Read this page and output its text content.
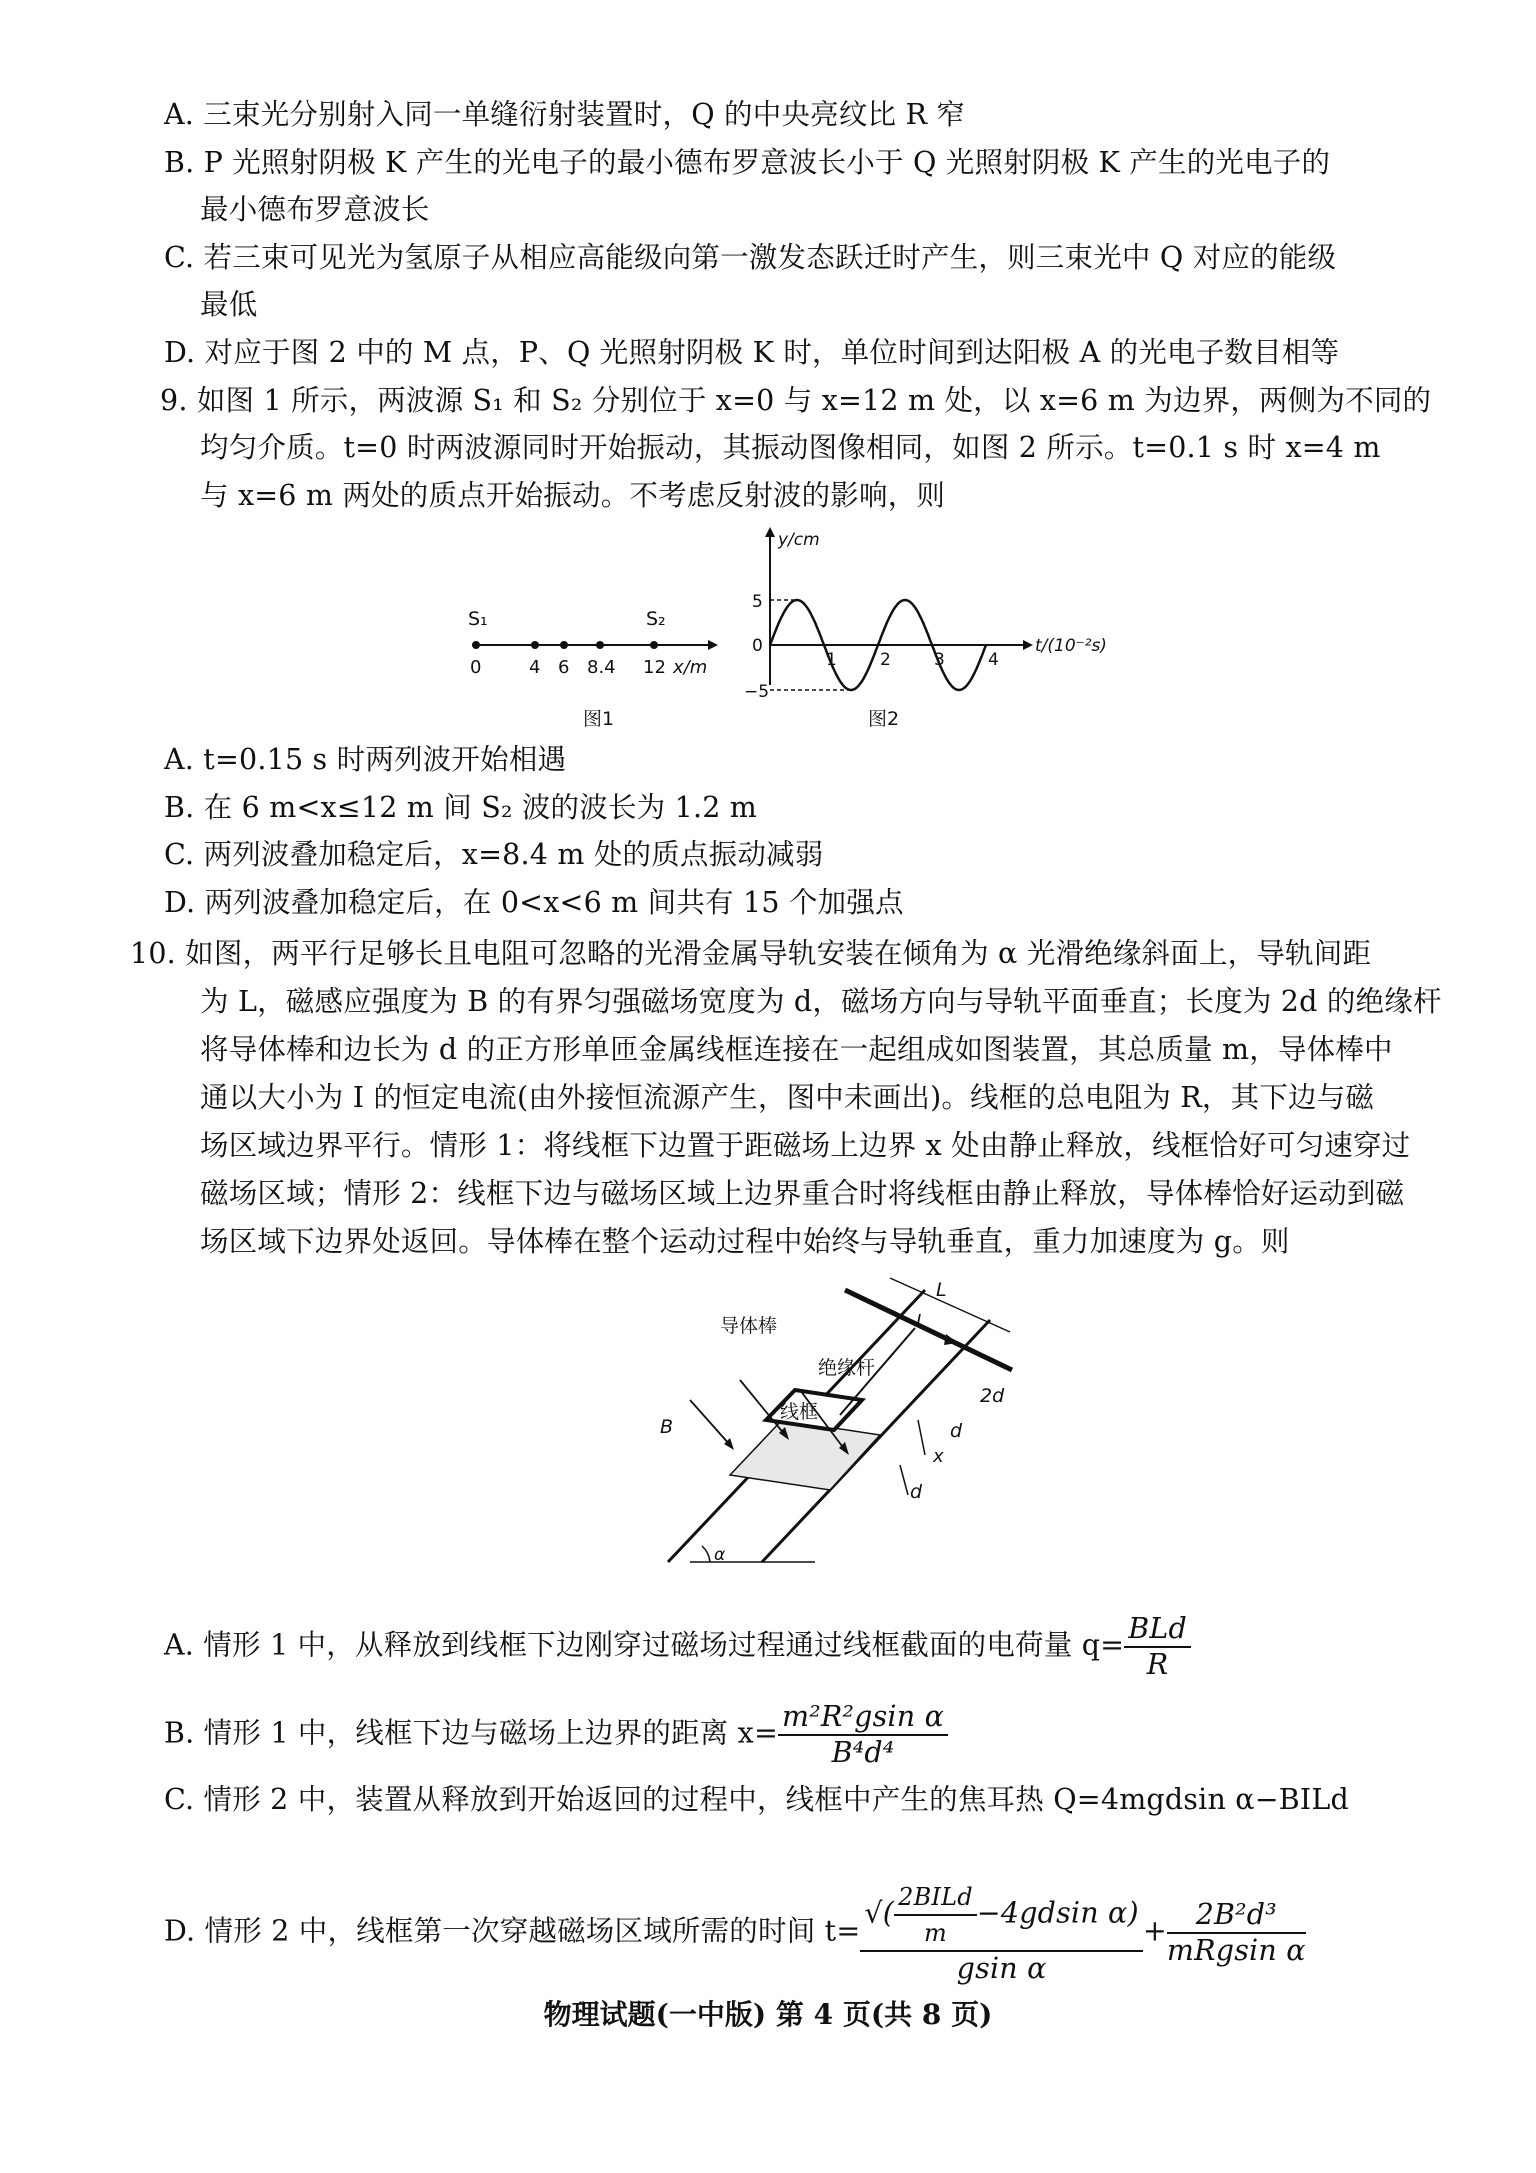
A. 三束光分别射入同一单缝衍射装置时，Q 的中央亮纹比 R 窄
B. P 光照射阴极 K 产生的光电子的最小德布罗意波长小于 Q 光照射阴极 K 产生的光电子的
最小德布罗意波长
C. 若三束可见光为氢原子从相应高能级向第一激发态跃迁时产生，则三束光中 Q 对应的能级
最低
D. 对应于图 2 中的 M 点，P、Q 光照射阴极 K 时，单位时间到达阳极 A 的光电子数目相等
9. 如图 1 所示，两波源 S₁ 和 S₂ 分别位于 x=0 与 x=12 m 处，以 x=6 m 为边界，两侧为不同的
均匀介质。t=0 时两波源同时开始振动，其振动图像相同，如图 2 所示。t=0.1 s 时 x=4 m
与 x=6 m 两处的质点开始振动。不考虑反射波的影响，则
S₁	S₂
0	4 6 8.4 12 x/m
图1
y/cm
5
0
−5
1	2	3	4
t/(10⁻²s)
图2
A. t=0.15 s 时两列波开始相遇
B. 在 6 m<x≤12 m 间 S₂ 波的波长为 1.2 m
C. 两列波叠加稳定后，x=8.4 m 处的质点振动减弱
D. 两列波叠加稳定后，在 0<x<6 m 间共有 15 个加强点
10. 如图，两平行足够长且电阻可忽略的光滑金属导轨安装在倾角为 α 光滑绝缘斜面上，导轨间距
为 L，磁感应强度为 B 的有界匀强磁场宽度为 d，磁场方向与导轨平面垂直；长度为 2d 的绝缘杆
将导体棒和边长为 d 的正方形单匝金属线框连接在一起组成如图装置，其总质量 m，导体棒中
通以大小为 I 的恒定电流(由外接恒流源产生，图中未画出)。线框的总电阻为 R，其下边与磁
场区域边界平行。情形 1：将线框下边置于距磁场上边界 x 处由静止释放，线框恰好可匀速穿过
磁场区域；情形 2：线框下边与磁场区域上边界重合时将线框由静止释放，导体棒恰好运动到磁
场区域下边界处返回。导体棒在整个运动过程中始终与导轨垂直，重力加速度为 g。则
导体棒
绝缘杆
线框
L
I
2d
d
x
d
B
α
A. 情形 1 中，从释放到线框下边刚穿过磁场过程通过线框截面的电荷量 $q= \frac{\text{BLd}}{R}$
B. 情形 1 中，线框下边与磁场上边界的距离 $x= \frac{\text{m²R²gsin α}}{\text{B⁴d⁴}}$
C. 情形 2 中，装置从释放到开始返回的过程中，线框中产生的焦耳热 Q=4mgdsin α−BILd
D. 情形 2 中，线框第一次穿越磁场区域所需的时间 $t= \frac{√( \frac{\text{2BILd}}{m} -4gdsin \alpha)}{\text{gsin α}} + \frac{\text{2B²d³}}{\text{mRgsin α}}$
物理试题(一中版) 第 4 页(共 8 页)
